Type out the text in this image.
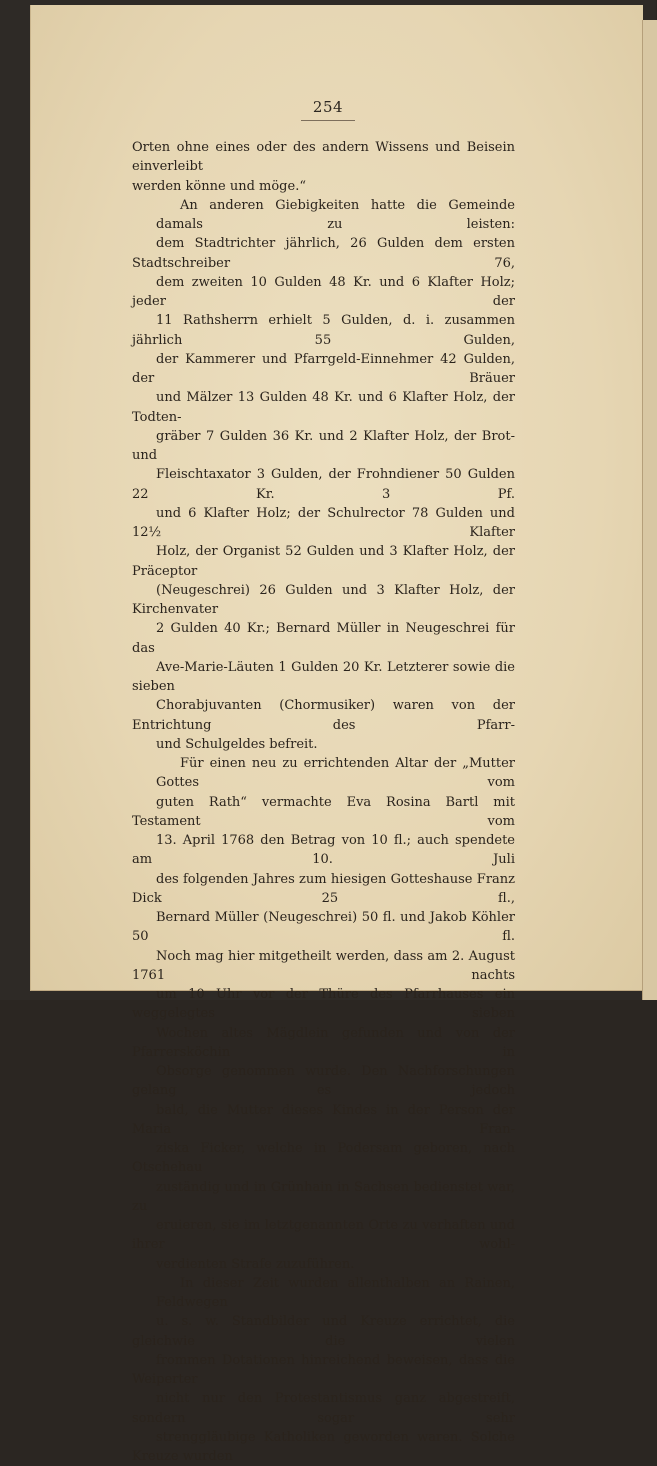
254

Orten ohne eines oder des andern Wissens und Beisein einverleibt
werden könne und möge.“

An anderen Giebigkeiten hatte die Gemeinde damals zu leisten:
dem Stadtrichter jährlich, 26 Gulden dem ersten Stadtschreiber 76,
dem zweiten 10 Gulden 48 Kr. und 6 Klafter Holz; jeder der
11 Rathsherrn erhielt 5 Gulden, d. i. zusammen jährlich 55 Gulden,
der Kammerer und Pfarrgeld-Einnehmer 42 Gulden, der Bräuer
und Mälzer 13 Gulden 48 Kr. und 6 Klafter Holz, der Todten-
gräber 7 Gulden 36 Kr. und 2 Klafter Holz, der Brot- und
Fleischtaxator 3 Gulden, der Frohndiener 50 Gulden 22 Kr. 3 Pf.
und 6 Klafter Holz; der Schulrector 78 Gulden und 12½ Klafter
Holz, der Organist 52 Gulden und 3 Klafter Holz, der Präceptor
(Neugeschrei) 26 Gulden und 3 Klafter Holz, der Kirchenvater
2 Gulden 40 Kr.; Bernard Müller in Neugeschrei für das
Ave-Marie-Läuten 1 Gulden 20 Kr. Letzterer sowie die sieben
Chorabjuvanten (Chormusiker) waren von der Entrichtung des Pfarr-
und Schulgeldes befreit.

Für einen neu zu errichtenden Altar der „Mutter Gottes vom
guten Rath“ vermachte Eva Rosina Bartl mit Testament vom
13. April 1768 den Betrag von 10 fl.; auch spendete am 10. Juli
des folgenden Jahres zum hiesigen Gotteshause Franz Dick 25 fl.,
Bernard Müller (Neugeschrei) 50 fl. und Jakob Köhler 50 fl.
Noch mag hier mitgetheilt werden, dass am 2. August 1761 nachts
um 10 Uhr vor der Thüre des Pfarrhauses ein weggelegtes sieben
Wochen altes Mägdlein gefunden und von der Pfarrersköchin in
Obsorge genommen wurde. Den Nachforschungen gelang es jedoch
bald, die Mutter dieses Kindes in der Person der Maria Fran-
ziska Ficker, welche in Podersam geboren, nach Otschehau
zuständig und in Grünhain in Sachsen bedienstet war, zu
eruieren, sie im letztgenannten Orte zu verhaften und ihrer wohl-
verdienten Strafe zuzuführen.

In dieser Zeit wurden allenthalben an Rainen, Feldwegen
u. s. w. Standbilder und Kreuze errichtet, die gleichwie die vielen
frommen Dotationen hinreichend beweisen, dass die Weiperter
nicht nur den Protestantismus ganz abgestreift, sondern sogar sehr
strenggläubige Katholiken geworden waren. Solche Kreuze wurden
